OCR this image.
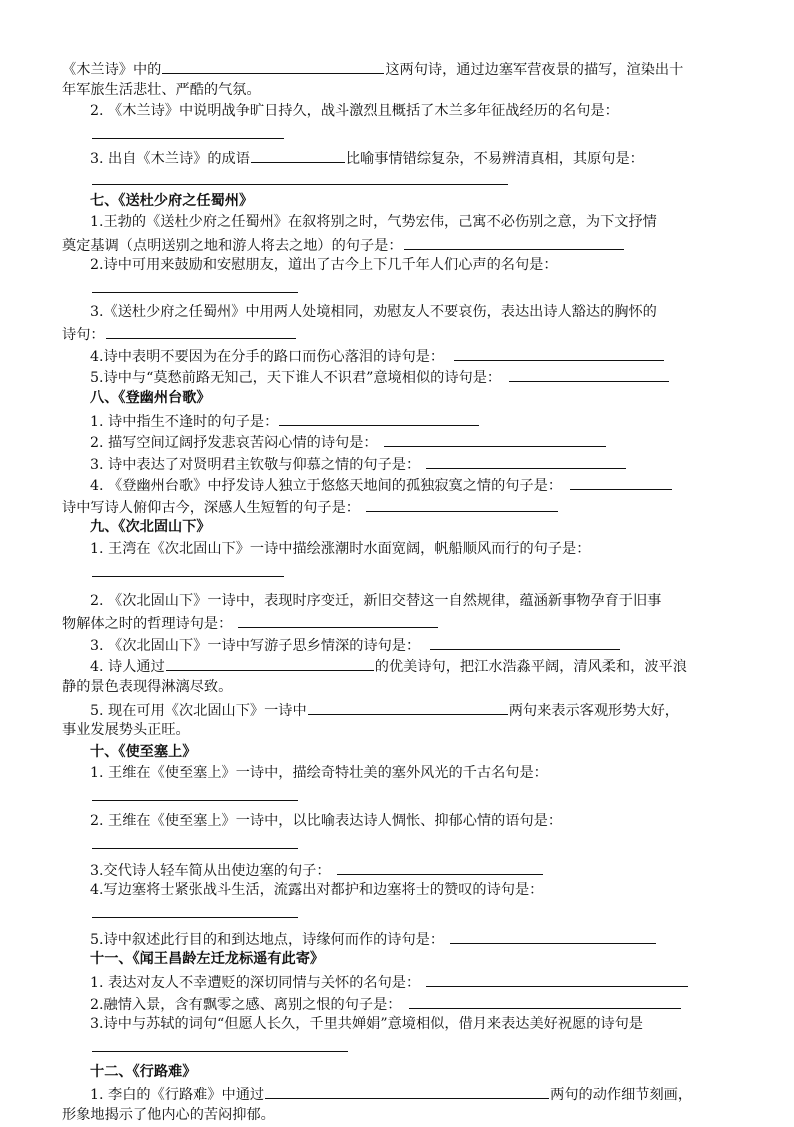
《木兰诗》中的	这两句诗，通过边塞军营夜景的描写，渲染出十
年军旅生活悲壮、严酷的气氛。
2. 《木兰诗》中说明战争旷日持久，战斗激烈且概括了木兰多年征战经历的名句是：
3. 出自《木兰诗》的成语	比喻事情错综复杂，不易辨清真相，其原句是：
七、《送杜少府之任蜀州》
1.王勃的《送杜少府之任蜀州》在叙将别之时，气势宏伟，己寓不必伤别之意，为下文抒情
奠定基调（点明送别之地和游人将去之地）的句子是：
2.诗中可用来鼓励和安慰朋友，道出了古今上下几千年人们心声的名句是：
3.《送杜少府之任蜀州》中用两人处境相同，劝慰友人不要哀伤，表达出诗人豁达的胸怀的
诗句：
4.诗中表明不要因为在分手的路口而伤心落泪的诗句是：
5.诗中与“莫愁前路无知己，天下谁人不识君”意境相似的诗句是：
八、《登幽州台歌》
1. 诗中指生不逢时的句子是：
2. 描写空间辽阔抒发悲哀苦闷心情的诗句是：
3. 诗中表达了对贤明君主钦敬与仰慕之情的句子是：
4. 《登幽州台歌》中抒发诗人独立于悠悠天地间的孤独寂寞之情的句子是：
诗中写诗人俯仰古今，深感人生短暂的句子是：
九、《次北固山下》
1. 王湾在《次北固山下》一诗中描绘涨潮时水面宽阔，帆船顺风而行的句子是：
2. 《次北固山下》一诗中，表现时序变迁，新旧交替这一自然规律，蕴涵新事物孕育于旧事
物解体之时的哲理诗句是：
3. 《次北固山下》一诗中写游子思乡情深的诗句是：
4. 诗人通过	的优美诗句，把江水浩淼平阔，清风柔和，波平浪
静的景色表现得淋漓尽致。
5. 现在可用《次北固山下》一诗中	两句来表示客观形势大好，
事业发展势头正旺。
十、《使至塞上》
1. 王维在《使至塞上》一诗中，描绘奇特壮美的塞外风光的千古名句是：
2. 王维在《使至塞上》一诗中，以比喻表达诗人惆怅、抑郁心情的语句是：
3.交代诗人轻车简从出使边塞的句子：
4.写边塞将士紧张战斗生活，流露出对都护和边塞将士的赞叹的诗句是：
5.诗中叙述此行目的和到达地点，诗缘何而作的诗句是：
十一、《闻王昌龄左迁龙标遥有此寄》
1. 表达对友人不幸遭贬的深切同情与关怀的名句是：
2.融情入景，含有飘零之感、离别之恨的句子是：
3.诗中与苏轼的词句“但愿人长久，千里共婵娟”意境相似，借月来表达美好祝愿的诗句是
十二、《行路难》
1. 李白的《行路难》中通过	两句的动作细节刻画，
形象地揭示了他内心的苦闷抑郁。
